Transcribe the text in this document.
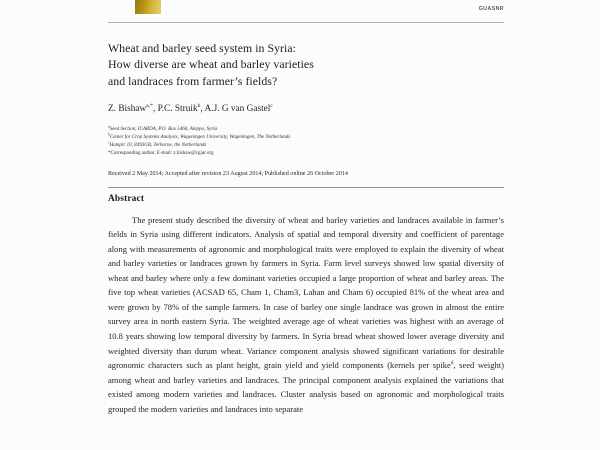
GUASNR
Wheat and barley seed system in Syria:
How diverse are wheat and barley varieties
and landraces from farmer’s fields?
Z. Bishaw$^{a,*}$, P.C. Struik$^b$, A.J. G van Gastel$^c$
$^a$Seed Section, ICARDA, P.O. Box 5466, Aleppo, Syria
$^b$Center for Crop Systems Analysis, Wageningen University, Wageningen, The Netherlands
$^c$Hampir 10, 8493GB, Terhorne, the Netherlands
*Corresponding author. E-mail: z.bishaw@cgiar.org
Received 2 May 2014; Accepted after revision 23 August 2014; Published online 26 October 2014
Abstract
The present study described the diversity of wheat and barley varieties and landraces available in farmer’s fields in Syria using different indicators. Analysis of spatial and temporal diversity and coefficient of parentage along with measurements of agronomic and morphological traits were employed to explain the diversity of wheat and barley varieties or landraces grown by farmers in Syria. Farm level surveys showed low spatial diversity of wheat and barley where only a few dominant varieties occupied a large proportion of wheat and barley areas. The five top wheat varieties (ACSAD 65, Cham 1, Cham3, Lahan and Cham 6) occupied 81% of the wheat area and were grown by 78% of the sample farmers. In case of barley one single landrace was grown in almost the entire survey area in north eastern Syria. The weighted average age of wheat varieties was highest with an average of 10.8 years showing low temporal diversity by farmers. In Syria bread wheat showed lower average diversity and weighted diversity than durum wheat. Variance component analysis showed significant variations for desirable agronomic characters such as plant height, grain yield and yield components (kernels per spike$^d$, seed weight) among wheat and barley varieties and landraces. The principal component analysis explained the variations that existed among modern varieties and landraces. Cluster analysis based on agronomic and morphological traits grouped the modern varieties and landraces into separate
